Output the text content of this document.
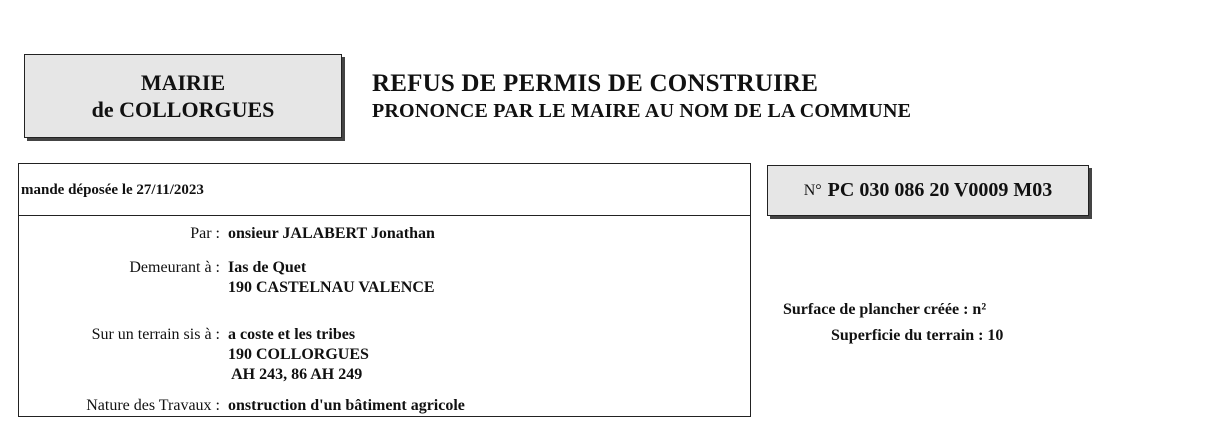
MAIRIE
de COLLORGUES
REFUS DE PERMIS DE CONSTRUIRE
PRONONCE PAR LE MAIRE AU NOM DE LA COMMUNE
mande déposée le 27/11/2023
Par : onsieur JALABERT Jonathan
Demeurant à : Ias de Quet
190 CASTELNAU VALENCE
Sur un terrain sis à : a coste et les tribes
190 COLLORGUES
AH 243, 86 AH 249
Nature des Travaux : onstruction d'un bâtiment agricole
N° PC 030 086 20 V0009 M03
Surface de plancher créée : n²
Superficie du terrain : 10
